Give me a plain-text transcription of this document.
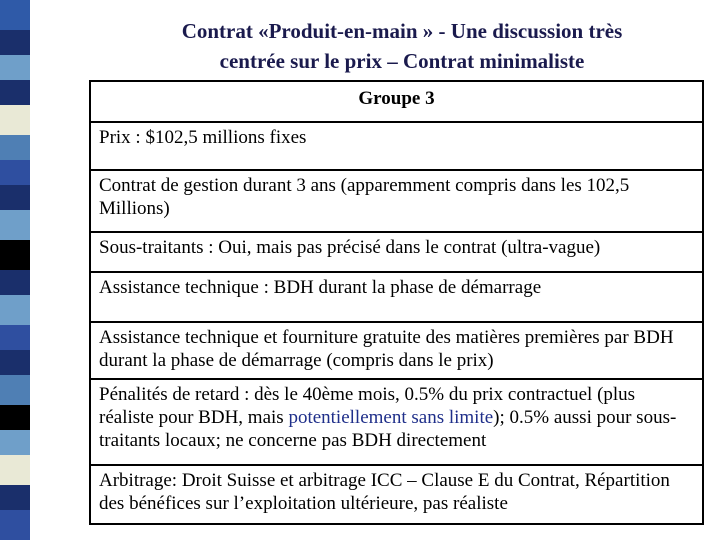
Contrat «Produit-en-main » - Une discussion très
centrée sur le prix – Contrat minimaliste
Groupe 3
Prix : $102,5 millions fixes
Contrat de gestion durant 3 ans (apparemment compris dans les 102,5 Millions)
Sous-traitants : Oui, mais pas précisé dans le contrat (ultra-vague)
Assistance technique : BDH durant la phase de démarrage
Assistance technique et fourniture gratuite des matières premières par BDH durant la phase de démarrage (compris dans le prix)
Pénalités de retard : dès le 40ème mois, 0.5% du prix contractuel (plus réaliste pour BDH, mais potentiellement sans limite); 0.5% aussi pour sous-traitants locaux; ne concerne pas BDH directement
Arbitrage: Droit Suisse et arbitrage ICC – Clause E du Contrat, Répartition des bénéfices sur l’exploitation ultérieure, pas réaliste
